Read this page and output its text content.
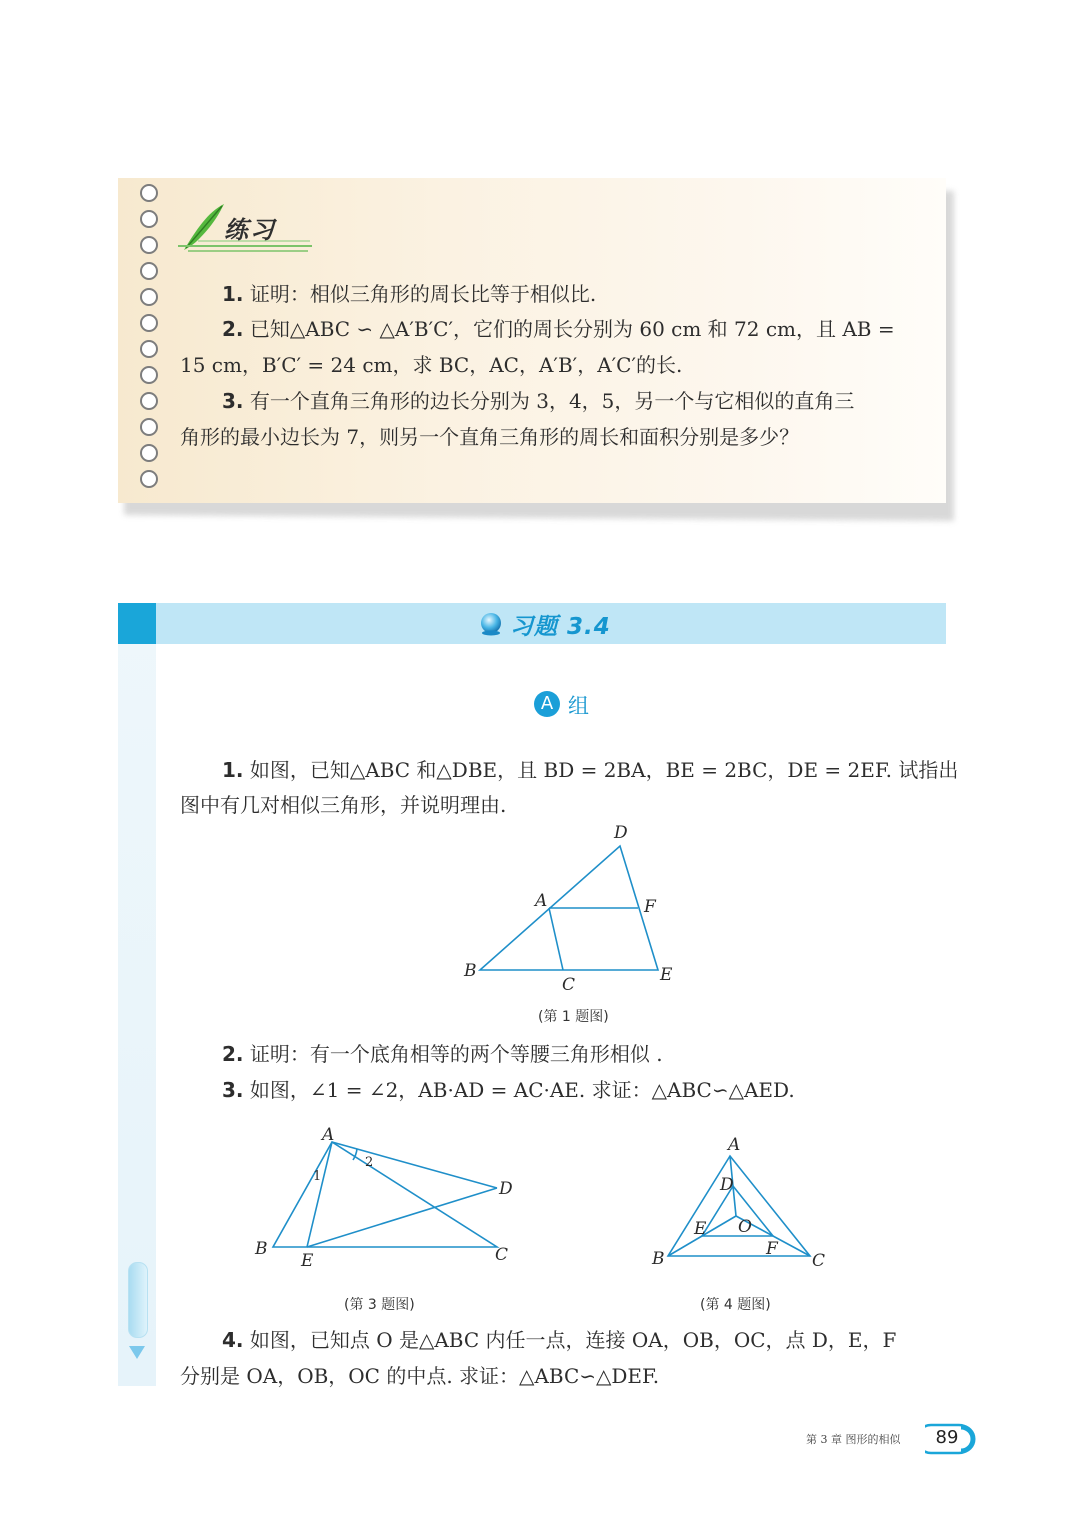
练习
1. 证明：相似三角形的周长比等于相似比.
2. 已知△ABC ∽ △A′B′C′，它们的周长分别为 60 cm 和 72 cm，且 AB =
15 cm，B′C′ = 24 cm，求 BC，AC，A′B′，A′C′的长.
3. 有一个直角三角形的边长分别为 3，4，5，另一个与它相似的直角三
角形的最小边长为 7，则另一个直角三角形的周长和面积分别是多少？
习题 3.4
A 组
1. 如图，已知△ABC 和△DBE，且 BD = 2BA，BE = 2BC，DE = 2EF. 试指出
图中有几对相似三角形，并说明理由.
D
A	F
B
C	E
(第 1 题图)
2. 证明：有一个底角相等的两个等腰三角形相似 .
3. 如图，∠1 = ∠2，AB·AD = AC·AE. 求证：△ABC∽△AED.
A
D
B
E	C
1
2
(第 3 题图)
A
D
E O
F
B	C
(第 4 题图)
4. 如图，已知点 O 是△ABC 内任一点，连接 OA，OB，OC，点 D，E，F
分别是 OA，OB，OC 的中点. 求证：△ABC∽△DEF.
第 3 章 图形的相似 89
